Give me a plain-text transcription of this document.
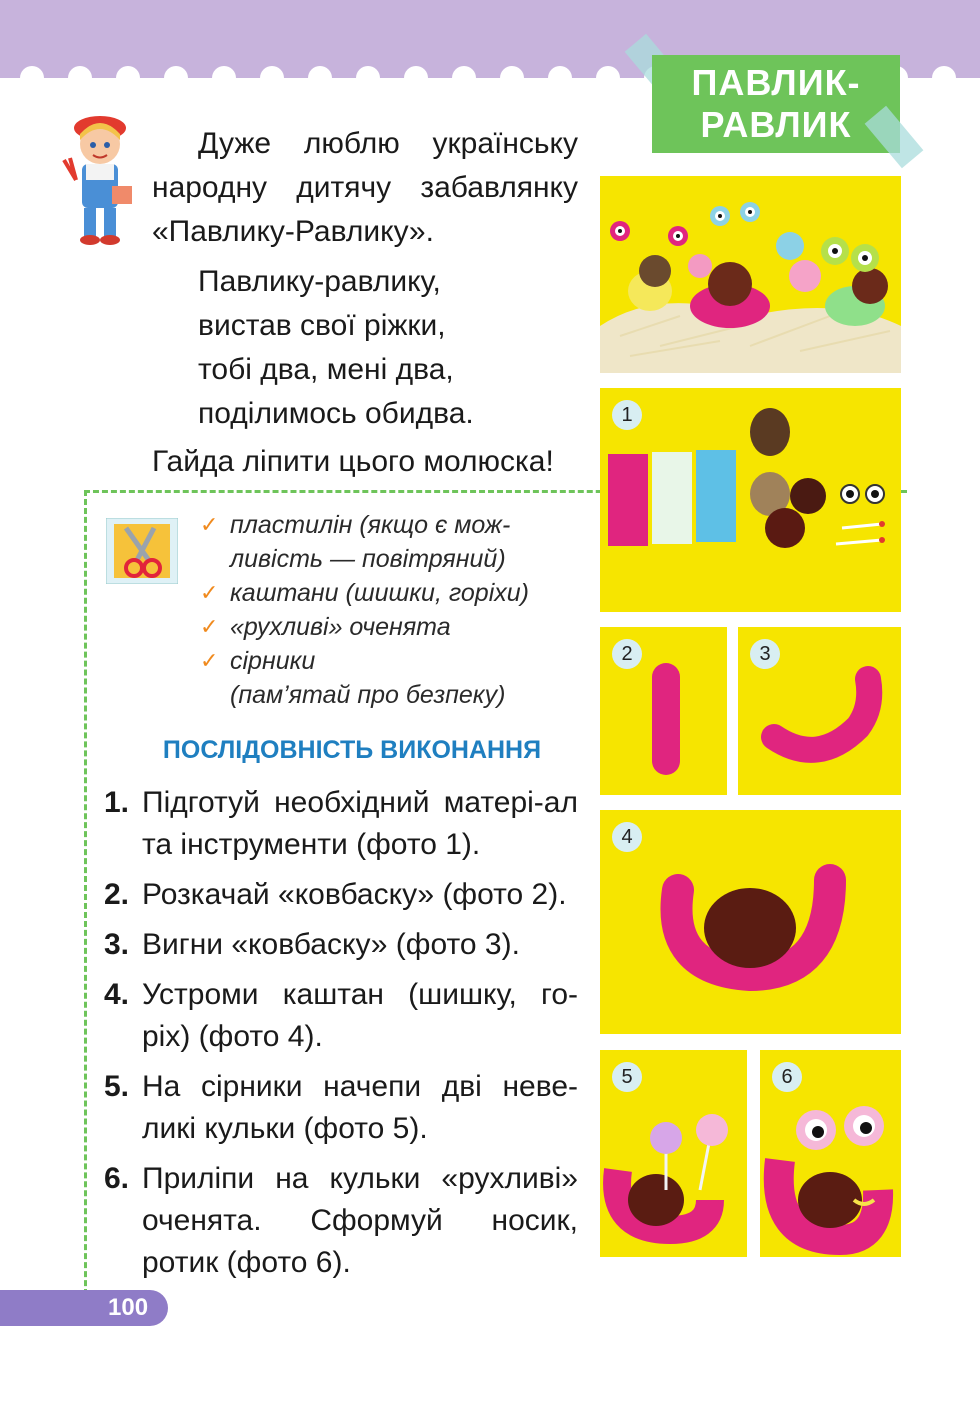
ПАВЛИК-
РАВЛИК

Дуже люблю українську народну дитячу забавлянку «Павлику-Равлику».

Павлику-равлику,
вистав свої ріжки,
тобі два, мені два,
поділимось обидва.

Гайда ліпити цього молюска!

✓ пластилін (якщо є мож-
ливість — повітряний)
✓ каштани (шишки, горіхи)
✓ «рухливі» оченята
✓ сірники
(пам’ятай про безпеку)
ПОСЛІДОВНІСТЬ ВИКОНАННЯ
1. Підготуй необхідний матері-ал та інструменти (фото 1).
2. Розкачай «ковбаску» (фото 2).
3. Вигни «ковбаску» (фото 3).
4. Устроми каштан (шишку, го-ріх) (фото 4).
5. На сірники начепи дві неве-ликі кульки (фото 5).
6. Приліпи на кульки «рухливі» оченята. Сформуй носик, ротик (фото 6).
100
1
2	3
4
5	6
